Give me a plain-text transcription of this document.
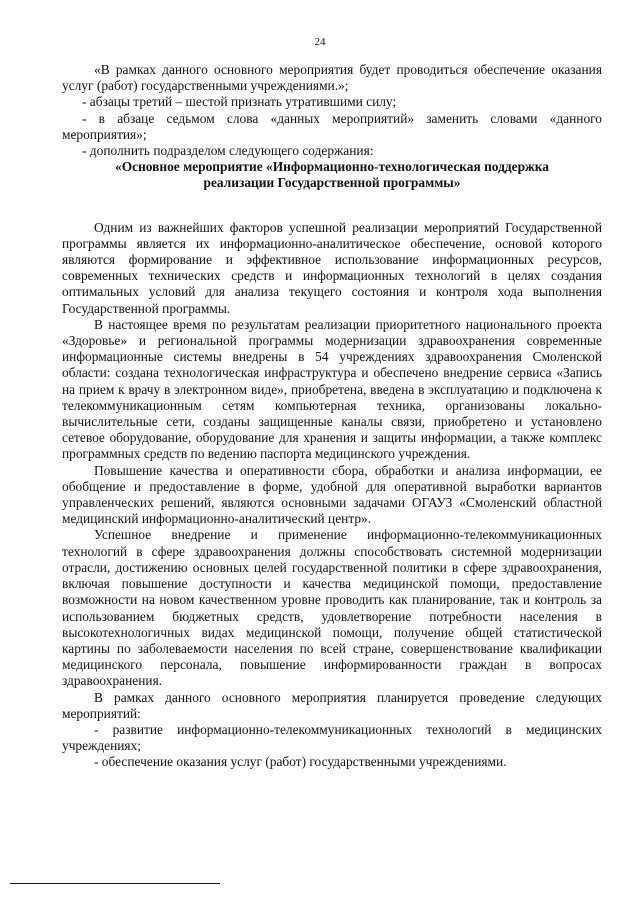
24

«В рамках данного основного мероприятия будет проводиться обеспечение оказания услуг (работ) государственными учреждениями.»;

- абзацы третий – шестой признать утратившими силу;

- в абзаце седьмом слова «данных мероприятий» заменить словами «данного мероприятия»;

- дополнить подразделом следующего содержания:

«Основное мероприятие «Информационно-технологическая поддержка реализации Государственной программы»

Одним из важнейших факторов успешной реализации мероприятий Государственной программы является их информационно-аналитическое обеспечение, основой которого являются формирование и эффективное использование информационных ресурсов, современных технических средств и информационных технологий в целях создания оптимальных условий для анализа текущего состояния и контроля хода выполнения Государственной программы.

В настоящее время по результатам реализации приоритетного национального проекта «Здоровье» и региональной программы модернизации здравоохранения современные информационные системы внедрены в 54 учреждениях здравоохранения Смоленской области: создана технологическая инфраструктура и обеспечено внедрение сервиса «Запись на прием к врачу в электронном виде», приобретена, введена в эксплуатацию и подключена к телекоммуникационным сетям компьютерная техника, организованы локально-вычислительные сети, созданы защищенные каналы связи, приобретено и установлено сетевое оборудование, оборудование для хранения и защиты информации, а также комплекс программных средств по ведению паспорта медицинского учреждения.

Повышение качества и оперативности сбора, обработки и анализа информации, ее обобщение и предоставление в форме, удобной для оперативной выработки вариантов управленческих решений, являются основными задачами ОГАУЗ «Смоленский областной медицинский информационно-аналитический центр».

Успешное внедрение и применение информационно-телекоммуникационных технологий в сфере здравоохранения должны способствовать системной модернизации отрасли, достижению основных целей государственной политики в сфере здравоохранения, включая повышение доступности и качества медицинской помощи, предоставление возможности на новом качественном уровне проводить как планирование, так и контроль за использованием бюджетных средств, удовлетворение потребности населения в высокотехнологичных видах медицинской помощи, получение общей статистической картины по заболеваемости населения по всей стране, совершенствование квалификации медицинского персонала, повышение информированности граждан в вопросах здравоохранения.

В рамках данного основного мероприятия планируется проведение следующих мероприятий:

- развитие информационно-телекоммуникационных технологий в медицинских учреждениях;

- обеспечение оказания услуг (работ) государственными учреждениями.
